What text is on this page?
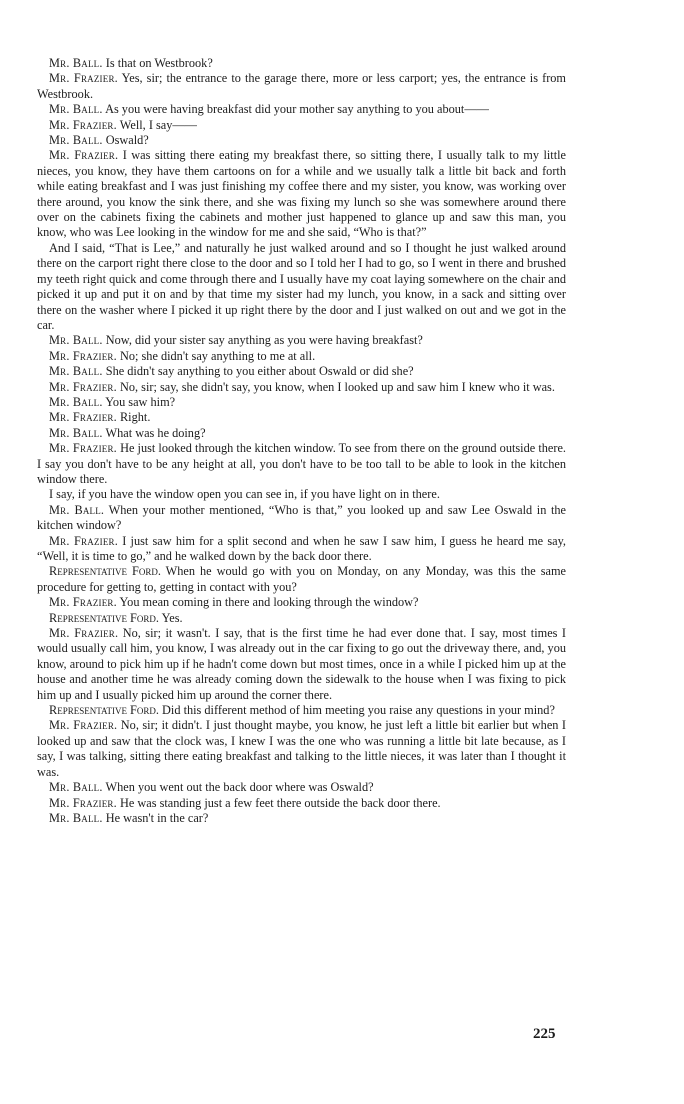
Mr. Ball. Is that on Westbrook?

Mr. Frazier. Yes, sir; the entrance to the garage there, more or less carport; yes, the entrance is from Westbrook.

Mr. Ball. As you were having breakfast did your mother say anything to you about——

Mr. Frazier. Well, I say——

Mr. Ball. Oswald?

Mr. Frazier. I was sitting there eating my breakfast there, so sitting there, I usually talk to my little nieces, you know, they have them cartoons on for a while and we usually talk a little bit back and forth while eating breakfast and I was just finishing my coffee there and my sister, you know, was working over there around, you know the sink there, and she was fixing my lunch so she was somewhere around there over on the cabinets fixing the cabinets and mother just happened to glance up and saw this man, you know, who was Lee looking in the window for me and she said, “Who is that?”

And I said, “That is Lee,” and naturally he just walked around and so I thought he just walked around there on the carport right there close to the door and so I told her I had to go, so I went in there and brushed my teeth right quick and come through there and I usually have my coat laying somewhere on the chair and picked it up and put it on and by that time my sister had my lunch, you know, in a sack and sitting over there on the washer where I picked it up right there by the door and I just walked on out and we got in the car.

Mr. Ball. Now, did your sister say anything as you were having breakfast?

Mr. Frazier. No; she didn't say anything to me at all.

Mr. Ball. She didn't say anything to you either about Oswald or did she?

Mr. Frazier. No, sir; say, she didn't say, you know, when I looked up and saw him I knew who it was.

Mr. Ball. You saw him?

Mr. Frazier. Right.

Mr. Ball. What was he doing?

Mr. Frazier. He just looked through the kitchen window. To see from there on the ground outside there. I say you don't have to be any height at all, you don't have to be too tall to be able to look in the kitchen window there.

I say, if you have the window open you can see in, if you have light on in there.

Mr. Ball. When your mother mentioned, “Who is that,” you looked up and saw Lee Oswald in the kitchen window?

Mr. Frazier. I just saw him for a split second and when he saw I saw him, I guess he heard me say, “Well, it is time to go,” and he walked down by the back door there.

Representative Ford. When he would go with you on Monday, on any Monday, was this the same procedure for getting to, getting in contact with you?

Mr. Frazier. You mean coming in there and looking through the window?

Representative Ford. Yes.

Mr. Frazier. No, sir; it wasn't. I say, that is the first time he had ever done that. I say, most times I would usually call him, you know, I was already out in the car fixing to go out the driveway there, and, you know, around to pick him up if he hadn't come down but most times, once in a while I picked him up at the house and another time he was already coming down the sidewalk to the house when I was fixing to pick him up and I usually picked him up around the corner there.

Representative Ford. Did this different method of him meeting you raise any questions in your mind?

Mr. Frazier. No, sir; it didn't. I just thought maybe, you know, he just left a little bit earlier but when I looked up and saw that the clock was, I knew I was the one who was running a little bit late because, as I say, I was talking, sitting there eating breakfast and talking to the little nieces, it was later than I thought it was.

Mr. Ball. When you went out the back door where was Oswald?

Mr. Frazier. He was standing just a few feet there outside the back door there.

Mr. Ball. He wasn't in the car?

225
